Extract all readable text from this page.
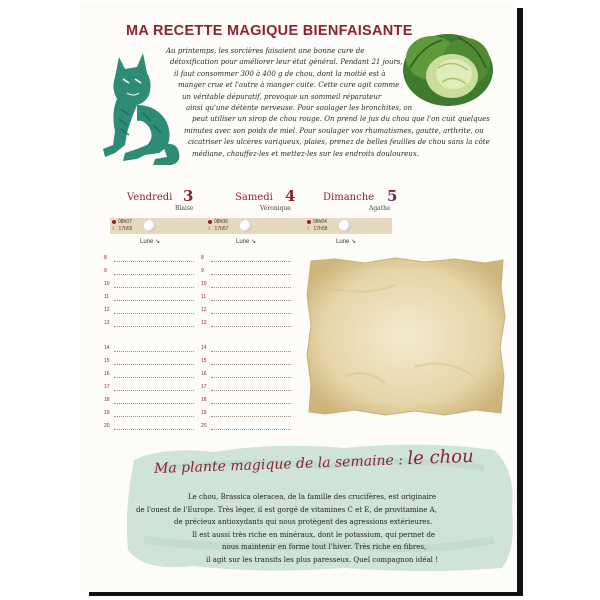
MA RECETTE MAGIQUE BIENFAISANTE
Au printemps, les sorcières faisaient une bonne cure de
détoxification pour améliorer leur état général. Pendant 21 jours,
il faut consommer 300 à 400 g de chou, dont la moitié est à
manger crue et l'autre à manger cuite. Cette cure agit comme
un véritable dépuratif, provoque un sommeil réparateur
ainsi qu'une détente nerveuse. Pour soulager les bronchites, on
peut utiliser un sirop de chou rouge. On prend le jus du chou que l'on cuit quelques
minutes avec son poids de miel. Pour soulager vos rhumatismes, goutte, arthrite, ou
cicatriser les ulcères variqueux, plaies, prenez de belles feuilles de chou sans la côte
médiane, chauffez-les et mettez-les sur les endroits douloureux.
Vendredi 3
Blaise
Samedi 4
Véronique
Dimanche 5
Agathe
08h07
☾ 17h55
08h06
☾ 17h57
08h04
☾ 17h58
Lune ↘	Lune ↘	Lune ↘
8
9
10
11
12
13
14
15
16
17
18
19
20
8
9
10
11
12
13
14
15
16
17
18
19
20
Ma plante magique de la semaine : le chou
Le chou, Brassica oleracea, de la famille des crucifères, est originaire
de l'ouest de l'Europe. Très léger, il est gorgé de vitamines C et E, de provitamine A,
de précieux antioxydants qui nous protègent des agressions extérieures.
Il est aussi très riche en minéraux, dont le potassium, qui permet de
nous maintenir en forme tout l'hiver. Très riche en fibres,
il agit sur les transits les plus paresseux. Quel compagnon idéal !
